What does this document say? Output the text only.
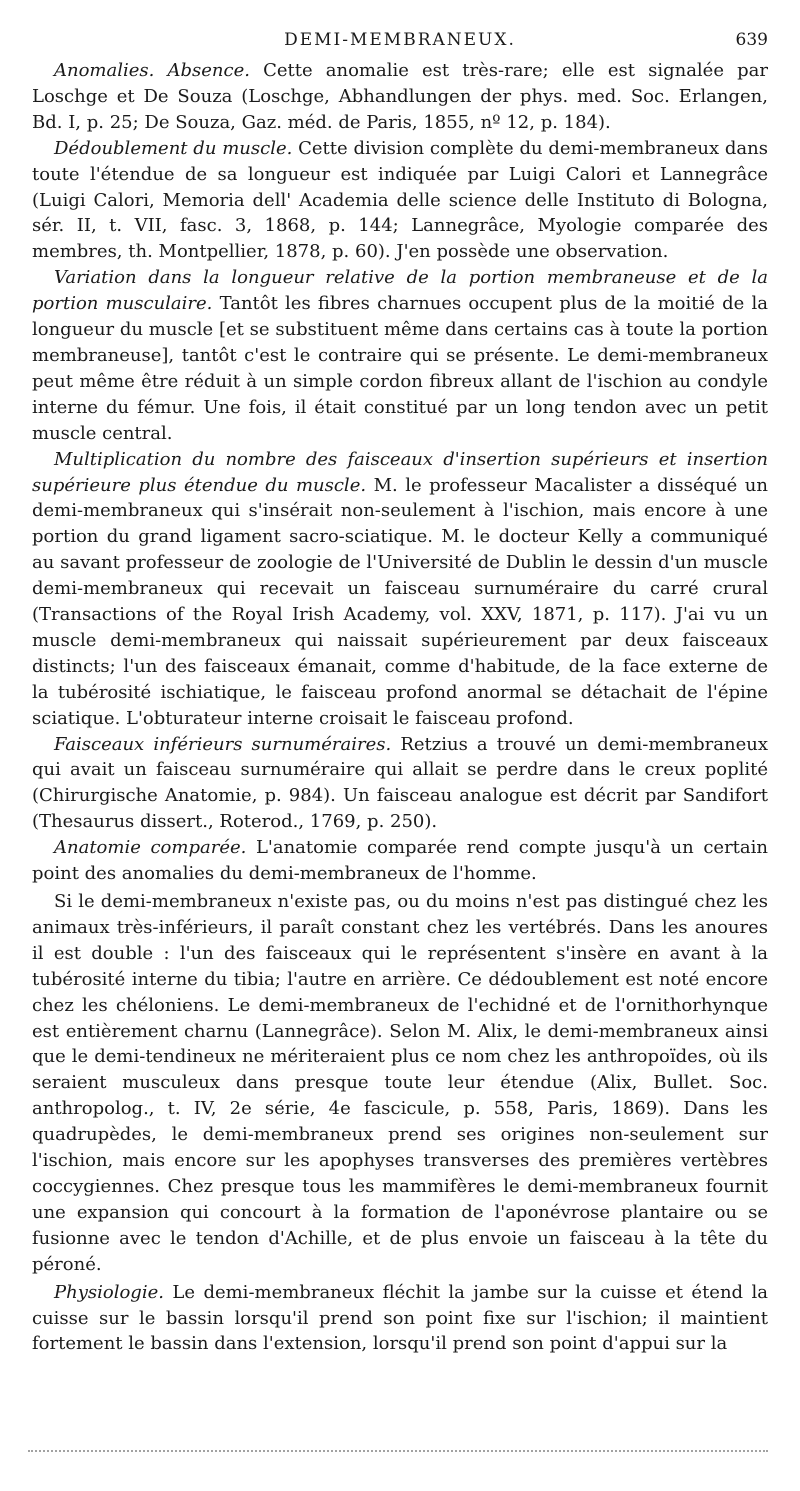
DEMI-MEMBRANEUX.	639

Anomalies. Absence. Cette anomalie est très-rare; elle est signalée par Loschge et De Souza (Loschge, Abhandlungen der phys. med. Soc. Erlangen, Bd. I, p. 25; De Souza, Gaz. méd. de Paris, 1855, nº 12, p. 184).

Dédoublement du muscle. Cette division complète du demi-membraneux dans toute l'étendue de sa longueur est indiquée par Luigi Calori et Lannegrâce (Luigi Calori, Memoria dell' Academia delle science delle Instituto di Bologna, sér. II, t. VII, fasc. 3, 1868, p. 144; Lannegrâce, Myologie comparée des membres, th. Montpellier, 1878, p. 60). J'en possède une observation.

Variation dans la longueur relative de la portion membraneuse et de la portion musculaire. Tantôt les fibres charnues occupent plus de la moitié de la longueur du muscle [et se substituent même dans certains cas à toute la portion membraneuse], tantôt c'est le contraire qui se présente. Le demi-membraneux peut même être réduit à un simple cordon fibreux allant de l'ischion au condyle interne du fémur. Une fois, il était constitué par un long tendon avec un petit muscle central.

Multiplication du nombre des faisceaux d'insertion supérieurs et insertion supérieure plus étendue du muscle. M. le professeur Macalister a disséqué un demi-membraneux qui s'insérait non-seulement à l'ischion, mais encore à une portion du grand ligament sacro-sciatique. M. le docteur Kelly a communiqué au savant professeur de zoologie de l'Université de Dublin le dessin d'un muscle demi-membraneux qui recevait un faisceau surnuméraire du carré crural (Transactions of the Royal Irish Academy, vol. XXV, 1871, p. 117). J'ai vu un muscle demi-membraneux qui naissait supérieurement par deux faisceaux distincts; l'un des faisceaux émanait, comme d'habitude, de la face externe de la tubérosité ischiatique, le faisceau profond anormal se détachait de l'épine sciatique. L'obturateur interne croisait le faisceau profond.

Faisceaux inférieurs surnuméraires. Retzius a trouvé un demi-membraneux qui avait un faisceau surnuméraire qui allait se perdre dans le creux poplité (Chirurgische Anatomie, p. 984). Un faisceau analogue est décrit par Sandifort (Thesaurus dissert., Roterod., 1769, p. 250).

Anatomie comparée. L'anatomie comparée rend compte jusqu'à un certain point des anomalies du demi-membraneux de l'homme.

Si le demi-membraneux n'existe pas, ou du moins n'est pas distingué chez les animaux très-inférieurs, il paraît constant chez les vertébrés. Dans les anoures il est double : l'un des faisceaux qui le représentent s'insère en avant à la tubérosité interne du tibia; l'autre en arrière. Ce dédoublement est noté encore chez les chéloniens. Le demi-membraneux de l'echidné et de l'ornithorhynque est entièrement charnu (Lannegrâce). Selon M. Alix, le demi-membraneux ainsi que le demi-tendineux ne mériteraient plus ce nom chez les anthropoïdes, où ils seraient musculeux dans presque toute leur étendue (Alix, Bullet. Soc. anthropolog., t. IV, 2e série, 4e fascicule, p. 558, Paris, 1869). Dans les quadrupèdes, le demi-membraneux prend ses origines non-seulement sur l'ischion, mais encore sur les apophyses transverses des premières vertèbres coccygiennes. Chez presque tous les mammifères le demi-membraneux fournit une expansion qui concourt à la formation de l'aponévrose plantaire ou se fusionne avec le tendon d'Achille, et de plus envoie un faisceau à la tête du péroné.

Physiologie. Le demi-membraneux fléchit la jambe sur la cuisse et étend la cuisse sur le bassin lorsqu'il prend son point fixe sur l'ischion; il maintient fortement le bassin dans l'extension, lorsqu'il prend son point d'appui sur la
